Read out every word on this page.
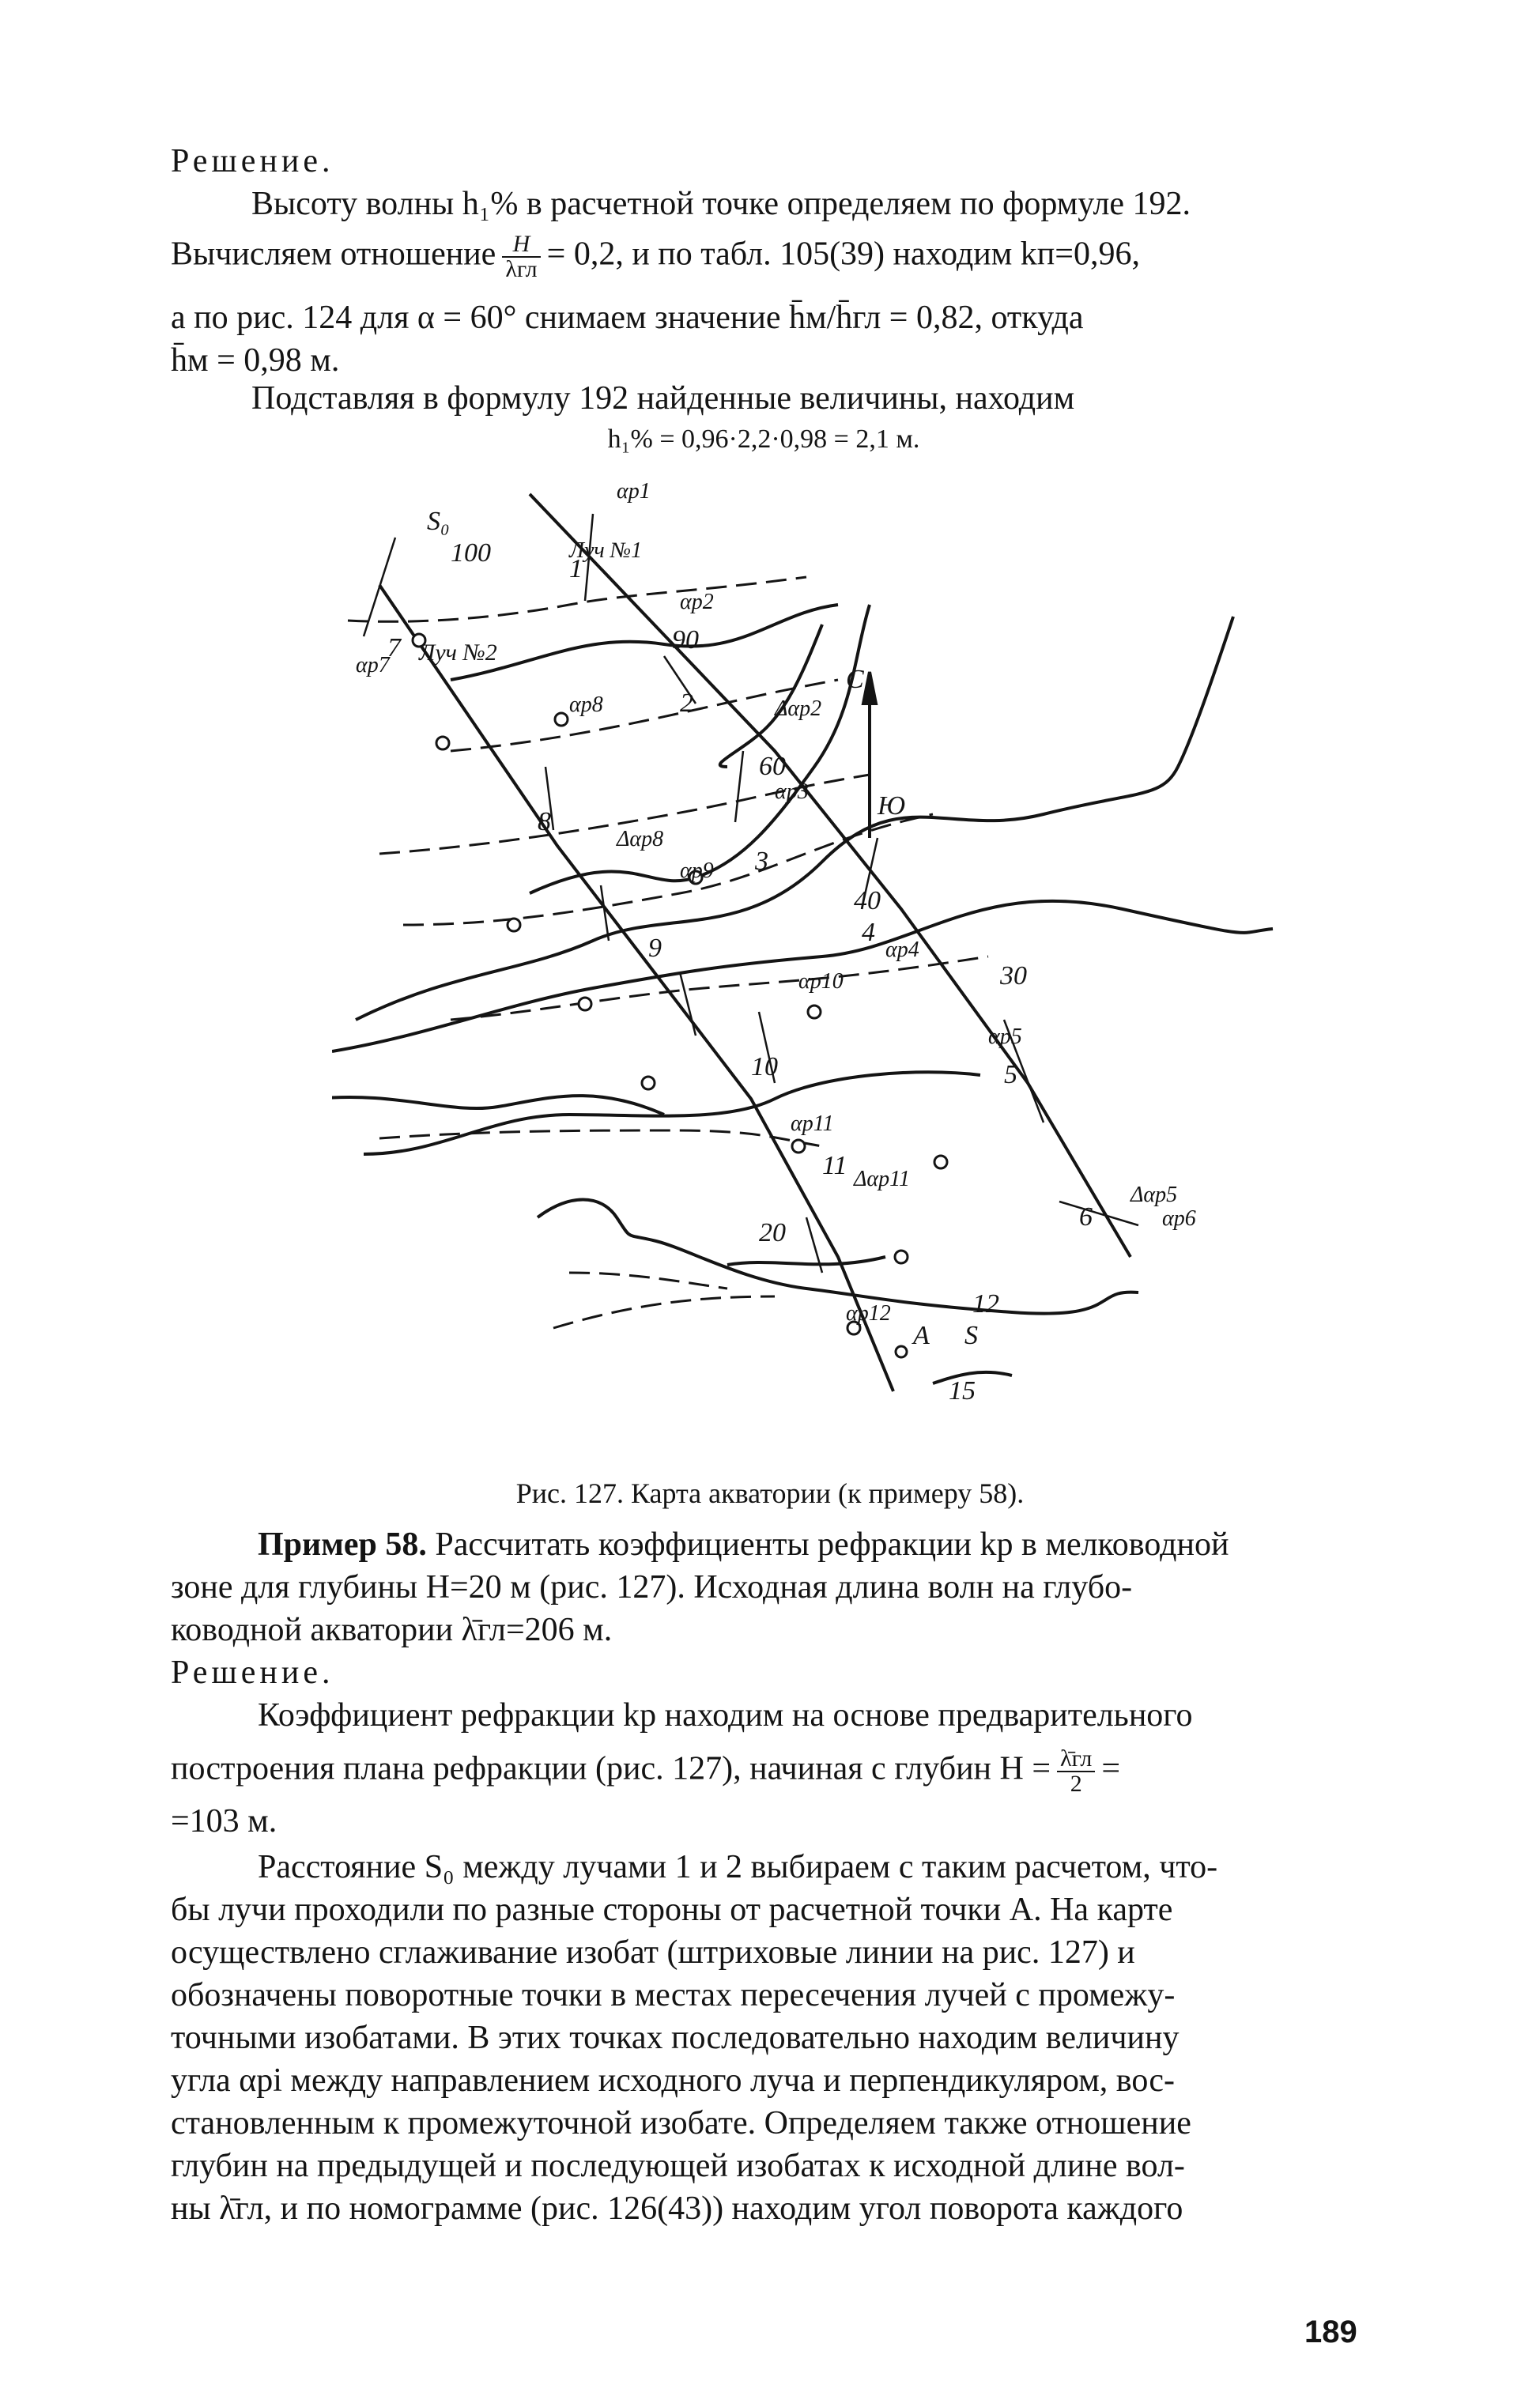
Решение.
Высоту волны h₁% в расчетной точке определяем по формуле 192.
Вычисляем отношение $\frac{H}{\text{λгл}} = 0,2$, и по табл. 105(39) находим kп=0,96,
а по рис. 124 для α = 60° снимаем значение h̄м/h̄гл = 0,82, откуда
h̄м = 0,98 м.
Подставляя в формулу 192 найденные величины, находим
h₁% = 0,96·2,2·0,98 = 2,1 м.
S₀
100
90
60
40
30
20
15
С
Ю
Луч №1
Луч №2
1
2
3
4
5
6
7
8
9
10
11
12
A S
αр1
αр3
αр4
αр5
αр6
αр7
αр8
αр9
αр10
αр11
αр12
Δαр2
Δαр5
Δαр8
Δαр11
αр2
Рис. 127. Карта акватории (к примеру 58).
Пример 58. Рассчитать коэффициенты рефракции kр в мелководной
зоне для глубины H=20 м (рис. 127). Исходная длина волн на глубо-
ководной акватории λ̄гл=206 м.
Решение.
Коэффициент рефракции kр находим на основе предварительного
построения плана рефракции (рис. 127), начиная с глубин $H = \frac{\lambdāгл}{2}$ =
=103 м.
Расстояние S₀ между лучами 1 и 2 выбираем с таким расчетом, что-
бы лучи проходили по разные стороны от расчетной точки A. На карте
осуществлено сглаживание изобат (штриховые линии на рис. 127) и
обозначены поворотные точки в местах пересечения лучей с промежу-
точными изобатами. В этих точках последовательно находим величину
угла αрi между направлением исходного луча и перпендикуляром, вос-
становленным к промежуточной изобате. Определяем также отношение
глубин на предыдущей и последующей изобатах к исходной длине вол-
ны λ̄гл, и по номограмме (рис. 126(43)) находим угол поворота каждого
189
